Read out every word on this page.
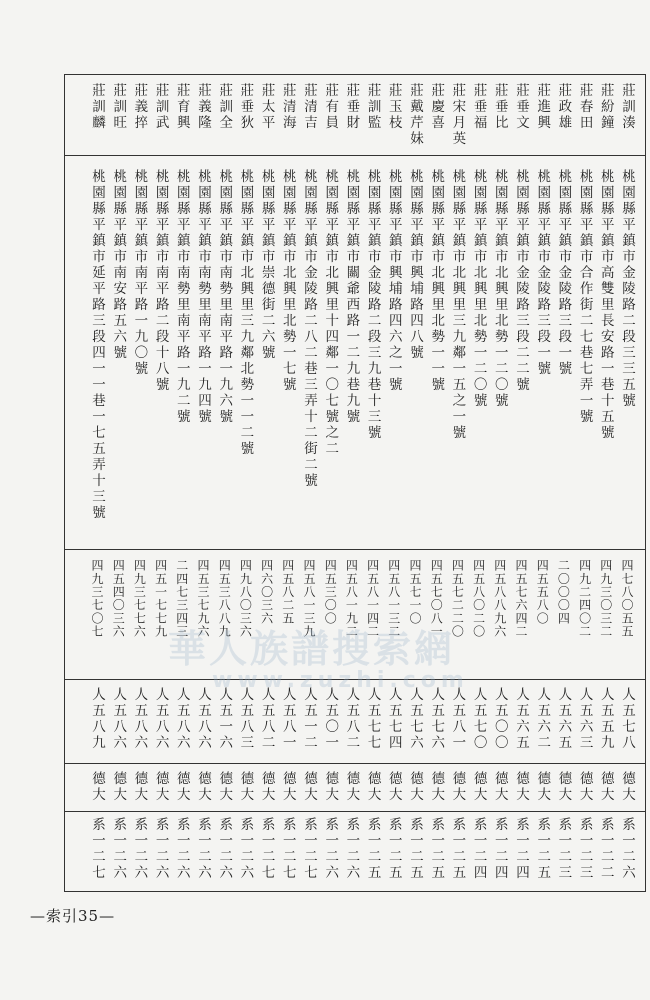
莊訓湊
桃園縣平鎮市金陵路二段三三五號
四七八〇五五
人五七八
德大
系一二六
莊紛鐘
桃園縣平鎮市高雙里長安路一巷十五號
四九三〇三二
人五五九
德大
系一二二
莊春田
桃園縣平鎮市合作街二七巷七弄一號
四九二四〇二
人五六三
德大
系一二三
莊政雄
桃園縣平鎮市金陵路三段一號
二〇〇〇四
人五六五
德大
系一二三
莊進興
桃園縣平鎮市金陵路三段一號
四五五八〇
人五六二
德大
系一二五
莊垂文
桃園縣平鎮市金陵路三段二二號
四五七六四二
人五六五
德大
系一二四
莊垂比
桃園縣平鎮市北興里北勢一二〇號
四五八八九六
人五〇〇
德大
系一二四
莊垂福
桃園縣平鎮市北興里北勢一二〇號
四五八〇二〇
人五七〇
德大
系一二四
莊宋月英
桃園縣平鎮市北興里三九鄰一五之一號
四五七二二〇
人五八一
德大
系一二五
莊慶喜
桃園縣平鎮市北興里北勢一一號
四五七〇八一
人五七六
德大
系一二五
莊戴芹妹
桃園縣平鎮市興埔路四八號
四五七一〇
人五七六
德大
系一二五
莊玉枝
桃園縣平鎮市興埔路四六之一號
四五八一三二
人五七四
德大
系一二五
莊訓監
桃園縣平鎮市金陵路二段三九巷十三號
四五八一四二
人五七七
德大
系一二五
莊垂財
桃園縣平鎮市關爺西路一二九巷九號
四五八一九二
人五八二
德大
系一二六
莊有員
桃園縣平鎮市北興里十四鄰一〇七號之二
四五三〇〇
人五〇一
德大
系一二六
莊清吉
桃園縣平鎮市金陵路二八二巷三弄十二街二號
四五八一三九
人五一二
德大
系一二七
莊清海
桃園縣平鎮市北興里北勢一七號
四五八二五
人五八一
德大
系一二七
莊太平
桃園縣平鎮市崇德街二六號
四六〇三六
人五八二
德大
系一二七
莊垂狄
桃園縣平鎮市北興里三九鄰北勢一一二號
四九八〇三六
人五八三
德大
系一二六
莊訓全
桃園縣平鎮市南勢里南平路一九六號
四五三八八九
人五一六
德大
系一二六
莊義隆
桃園縣平鎮市南勢里南平路一九四號
四五三七九六
人五八六
德大
系一二六
莊育興
桃園縣平鎮市南勢里南平路一九二號
二四七三四三
人五八六
德大
系一二六
莊訓武
桃園縣平鎮市南平路二段十八號
四五一七七九
人五八六
德大
系一二六
莊義捽
桃園縣平鎮市南平路一九〇號
四九三七七六
人五八六
德大
系一二六
莊訓旺
桃園縣平鎮市南安路五六號
四五四〇三六
人五八六
德大
系一二六
莊訓麟
桃園縣平鎮市延平路三段四一一巷一七五弄十三號
四九三七〇七
人五八九
德大
系一二七
華人族譜搜索網
www.zuzhi.com
—索引35—
